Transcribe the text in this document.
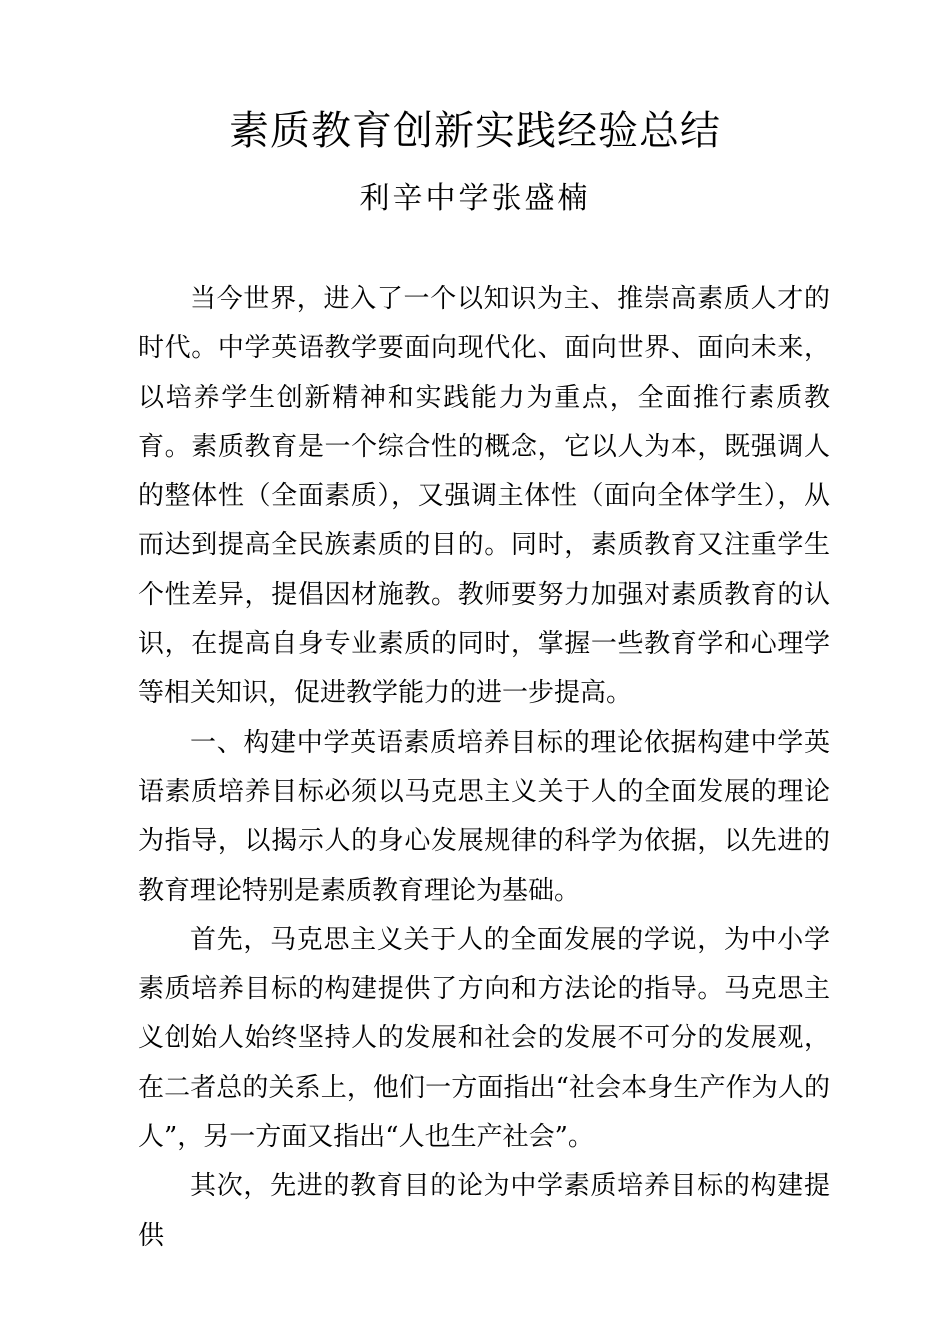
素质教育创新实践经验总结
利辛中学张盛楠

当今世界，进入了一个以知识为主、推崇高素质人才的时代。中学英语教学要面向现代化、面向世界、面向未来，以培养学生创新精神和实践能力为重点，全面推行素质教育。素质教育是一个综合性的概念，它以人为本，既强调人的整体性（全面素质），又强调主体性（面向全体学生），从而达到提高全民族素质的目的。同时，素质教育又注重学生个性差异，提倡因材施教。教师要努力加强对素质教育的认识，在提高自身专业素质的同时，掌握一些教育学和心理学等相关知识，促进教学能力的进一步提高。

一、构建中学英语素质培养目标的理论依据构建中学英语素质培养目标必须以马克思主义关于人的全面发展的理论为指导，以揭示人的身心发展规律的科学为依据，以先进的教育理论特别是素质教育理论为基础。

首先，马克思主义关于人的全面发展的学说，为中小学素质培养目标的构建提供了方向和方法论的指导。马克思主义创始人始终坚持人的发展和社会的发展不可分的发展观，在二者总的关系上，他们一方面指出“社会本身生产作为人的人”，另一方面又指出“人也生产社会”。

其次，先进的教育目的论为中学素质培养目标的构建提供
